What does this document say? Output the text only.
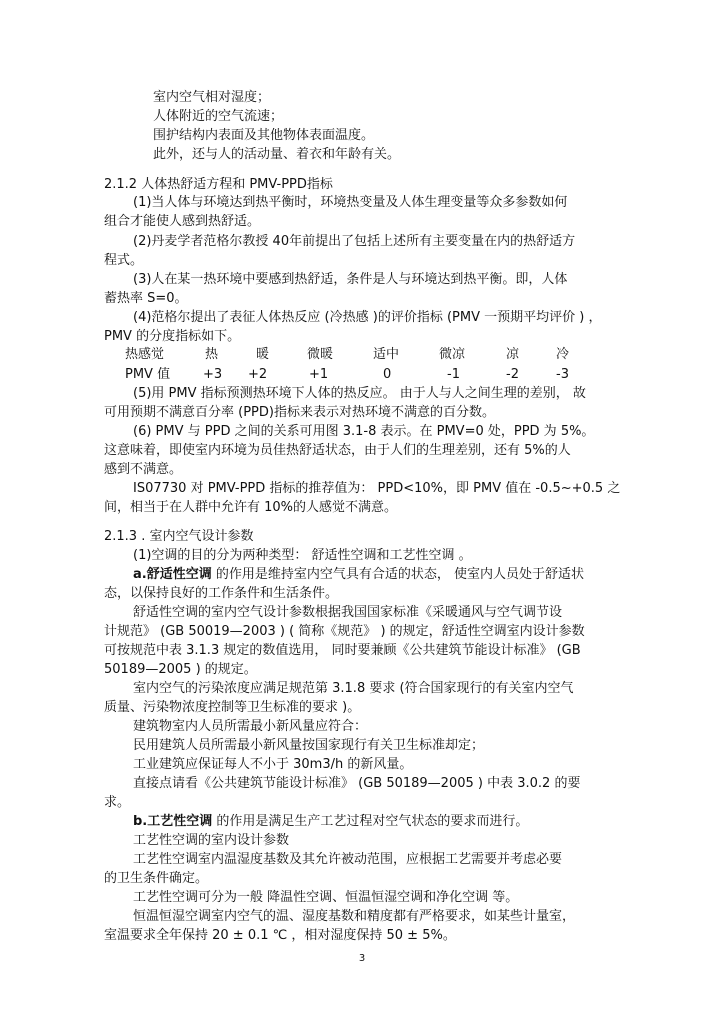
室内空气相对湿度；
人体附近的空气流速；
围护结构内表面及其他物体表面温度。
此外，还与人的活动量、着衣和年龄有关。
2.1.2 人体热舒适方程和 PMV-PPD指标
(1)当人体与环境达到热平衡时，环境热变量及人体生理变量等众多参数如何
组合才能使人感到热舒适。
(2)丹麦学者范格尔教授 40年前提出了包括上述所有主要变量在内的热舒适方
程式。
(3)人在某一热环境中要感到热舒适，条件是人与环境达到热平衡。即，人体
蓄热率 S=0。
(4)范格尔提出了表征人体热反应 (冷热感 )的评价指标 (PMV 一预期平均评价 ) ，
PMV 的分度指标如下。
热感觉	热	暖	微暖	适中	微凉	凉	冷
PMV 值	+3 +2	+1	0	-1	-2	-3
(5)用 PMV 指标预测热环境下人体的热反应。 由于人与人之间生理的差别， 故
可用预期不满意百分率 (PPD)指标来表示对热环境不满意的百分数。
(6) PMV 与 PPD 之间的关系可用图 3.1-8 表示。在 PMV=0 处，PPD 为 5%。
这意味着，即使室内环境为员佳热舒适状态，由于人们的生理差别，还有 5%的人
感到不满意。
IS07730 对 PMV-PPD 指标的推荐值为： PPD<10%，即 PMV 值在 -0.5~+0.5 之
间，相当于在人群中允许有 10%的人感觉不满意。
2.1.3 . 室内空气设计参数
(1)空调的目的分为两种类型： 舒适性空调和工艺性空调 。
a.舒适性空调 的作用是维持室内空气具有合适的状态， 使室内人员处于舒适状
态，以保持良好的工作条件和生活条件。
舒适性空调的室内空气设计参数根据我国国家标准《采暖通风与空气调节设
计规范》 (GB 50019—2003 ) ( 简称《规范》 ) 的规定，舒适性空调室内设计参数
可按规范中表 3.1.3 规定的数值选用， 同时要兼顾《公共建筑节能设计标准》 (GB
50189—2005 ) 的规定。
室内空气的污染浓度应满足规范第 3.1.8 要求 (符合国家现行的有关室内空气
质量、污染物浓度控制等卫生标准的要求 )。
建筑物室内人员所需最小新风量应符合：
民用建筑人员所需最小新风量按国家现行有关卫生标准却定；
工业建筑应保证每人不小于 30m3/h 的新风量。
直接点请看《公共建筑节能设计标准》 (GB 50189—2005 ) 中表 3.0.2 的要
求。
b.工艺性空调 的作用是满足生产工艺过程对空气状态的要求而进行。
工艺性空调的室内设计参数
工艺性空调室内温湿度基数及其允许被动范围，应根据工艺需要并考虑必要
的卫生条件确定。
工艺性空调可分为一般 降温性空调、恒温恒湿空调和净化空调 等。
恒温恒湿空调室内空气的温、湿度基数和精度都有严格要求，如某些计量室，
室温要求全年保持 20 ± 0.1 ℃ ，相对湿度保持 50 ± 5%。
3
